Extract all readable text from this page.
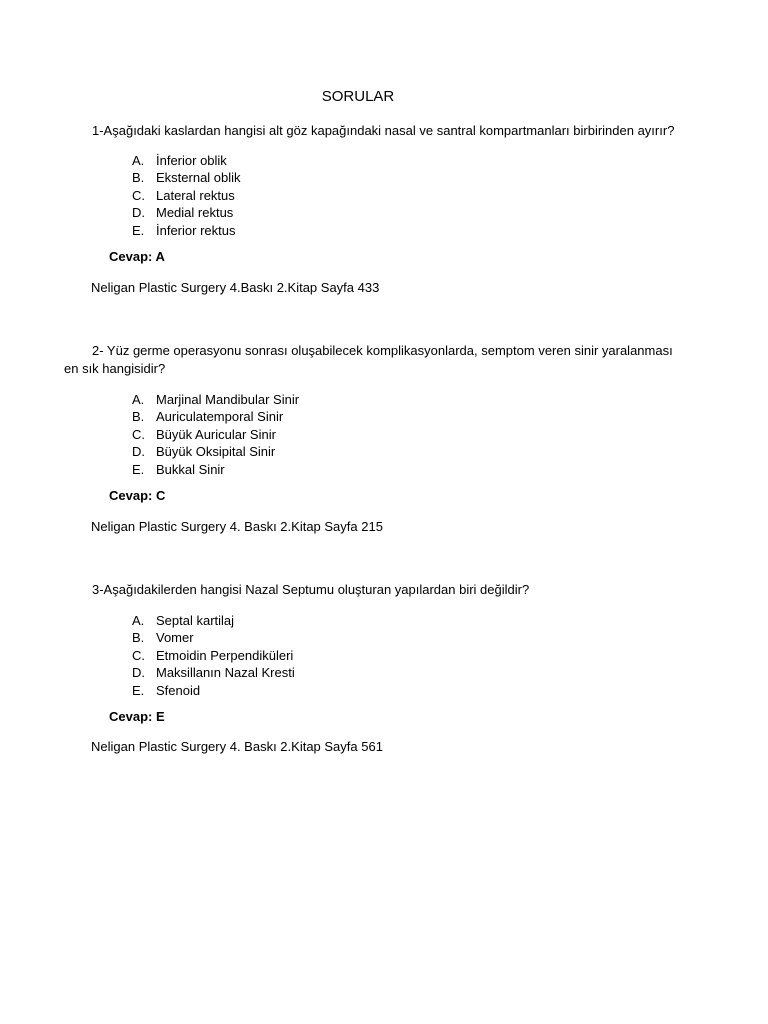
SORULAR
1-Aşağıdaki kaslardan hangisi alt göz kapağındaki nasal ve santral kompartmanları birbirinden ayırır?
A. İnferior oblik
B. Eksternal oblik
C. Lateral rektus
D. Medial rektus
E. İnferior rektus
Cevap: A
Neligan Plastic Surgery 4.Baskı 2.Kitap Sayfa 433
2- Yüz germe operasyonu sonrası oluşabilecek komplikasyonlarda, semptom veren sinir yaralanması en sık hangisidir?
A. Marjinal Mandibular Sinir
B. Auriculatemporal Sinir
C. Büyük Auricular Sinir
D. Büyük Oksipital Sinir
E. Bukkal Sinir
Cevap: C
Neligan Plastic Surgery 4. Baskı 2.Kitap Sayfa 215
3-Aşağıdakilerden hangisi Nazal Septumu oluşturan yapılardan biri değildir?
A. Septal kartilaj
B. Vomer
C. Etmoidin Perpendiküleri
D. Maksillanın Nazal Kresti
E. Sfenoid
Cevap: E
Neligan Plastic Surgery 4. Baskı 2.Kitap Sayfa 561
